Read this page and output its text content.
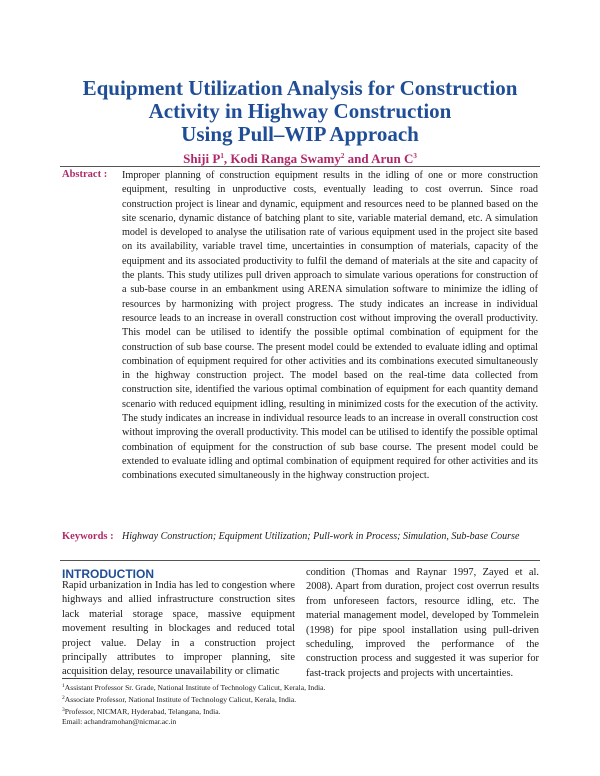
Equipment Utilization Analysis for Construction
Activity in Highway Construction
Using Pull–WIP Approach
Shiji $P^1$, Kodi Ranga Swamy$^2$ and Arun $C^3$
Abstract : Improper planning of construction equipment results in the idling of one or more construction equipment, resulting in unproductive costs, eventually leading to cost overrun. Since road construction project is linear and dynamic, equipment and resources need to be planned based on the site scenario, dynamic distance of batching plant to site, variable material demand, etc. A simulation model is developed to analyse the utilisation rate of various equipment used in the project site based on its availability, variable travel time, uncertainties in consumption of materials, capacity of the equipment and its associated productivity to fulfil the demand of materials at the site and capacity of the plants. This study utilizes pull driven approach to simulate various operations for construction of a sub-base course in an embankment using ARENA simulation software to minimize the idling of resources by harmonizing with project progress. The study indicates an increase in individual resource leads to an increase in overall construction cost without improving the overall productivity. This model can be utilised to identify the possible optimal combination of equipment for the construction of sub base course. The present model could be extended to evaluate idling and optimal combination of equipment required for other activities and its combinations executed simultaneously in the highway construction project. The model based on the real-time data collected from construction site, identified the various optimal combination of equipment for each quantity demand scenario with reduced equipment idling, resulting in minimized costs for the execution of the activity. The study indicates an increase in individual resource leads to an increase in overall construction cost without improving the overall productivity. This model can be utilised to identify the possible optimal combination of equipment for the construction of sub base course. The present model could be extended to evaluate idling and optimal combination of equipment required for other activities and its combinations executed simultaneously in the highway construction project.

Keywords : Highway Construction; Equipment Utilization; Pull-work in Process; Simulation, Sub-base Course

INTRODUCTION

Rapid urbanization in India has led to congestion where highways and allied infrastructure construction sites lack material storage space, massive equipment movement resulting in blockages and reduced total project value. Delay in a construction project principally attributes to improper planning, site acquisition delay, resource unavailability or climatic

condition (Thomas and Raynar 1997, Zayed et al. 2008). Apart from duration, project cost overrun results from unforeseen factors, resource idling, etc. The material management model, developed by Tommelein (1998) for pipe spool installation using pull-driven scheduling, improved the performance of the construction process and suggested it was superior for fast-track projects and projects with uncertainties.

$^1$Assistant Professor Sr. Grade, National Institute of Technology Calicut, Kerala, India.
$^2$Associate Professor, National Institute of Technology Calicut, Kerala, India.
$^3$Professor, NICMAR, Hyderabad, Telangana, India.
Email: achandramohan@nicmar.ac.in
